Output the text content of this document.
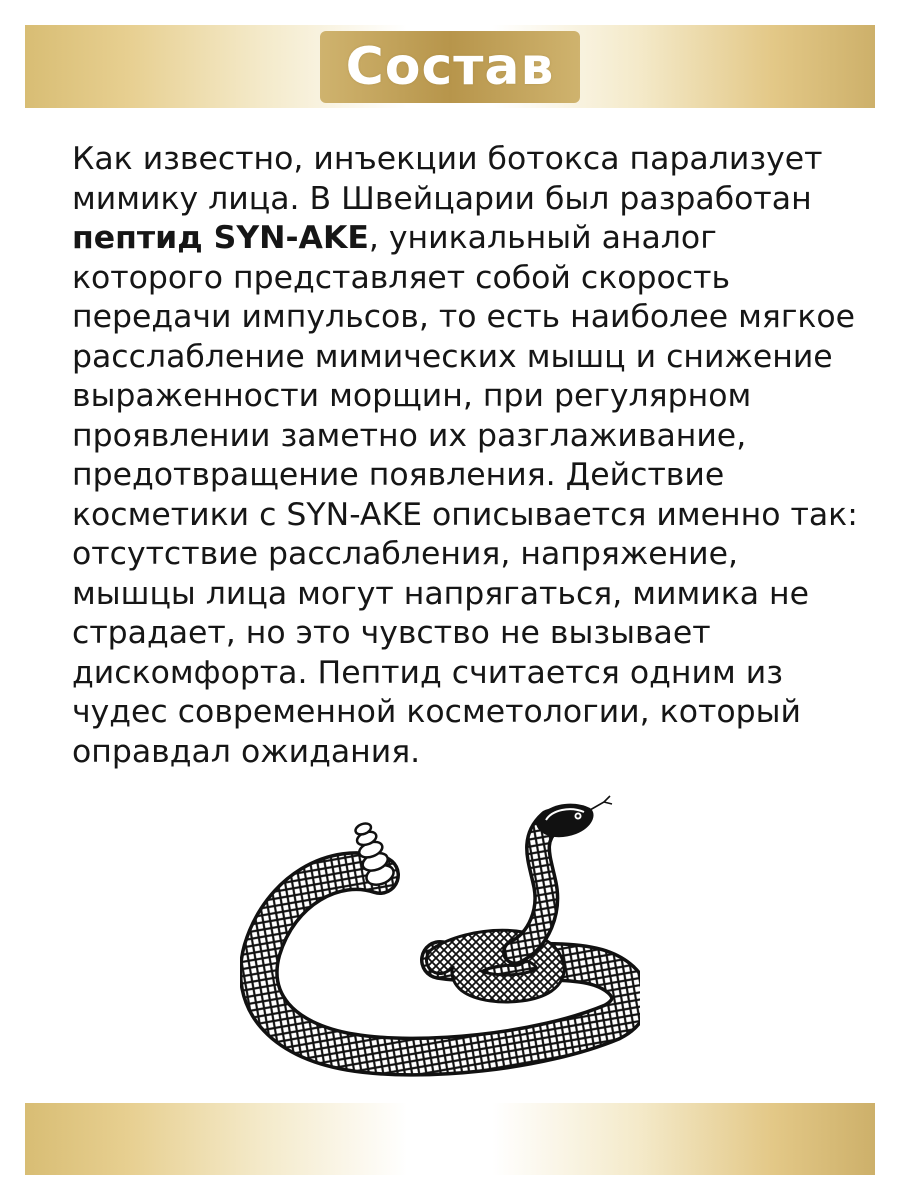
Состав
Как известно, инъекции ботокса парализует мимику лица. В Швейцарии был разработан пептид SYN-AKE, уникальный аналог которого представляет собой скорость передачи импульсов, то есть наиболее мягкое расслабление мимических мышц и снижение выраженности морщин, при регулярном проявлении заметно их разглаживание, предотвращение появления. Действие косметики с SYN-AKE описывается именно так: отсутствие расслабления, напряжение, мышцы лица могут напрягаться, мимика не страдает, но это чувство не вызывает дискомфорта. Пептид считается одним из чудес современной косметологии, который оправдал ожидания.
